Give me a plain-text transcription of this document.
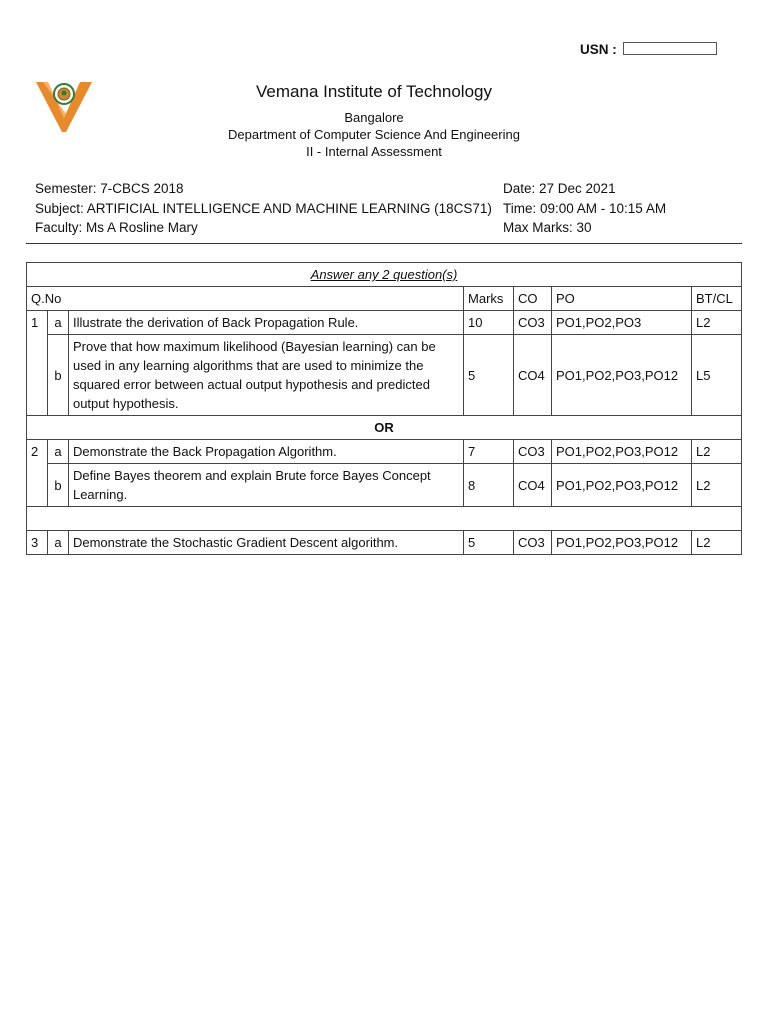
USN :
Vemana Institute of Technology
Bangalore
Department of Computer Science And Engineering
II - Internal Assessment
Semester: 7-CBCS 2018	Date: 27 Dec 2021
Subject: ARTIFICIAL INTELLIGENCE AND MACHINE LEARNING (18CS71) Time: 09:00 AM - 10:15 AM
Faculty: Ms A Rosline Mary	Max Marks: 30
Answer any 2 question(s)						
Q.No			Marks	CO	PO	BT/CL
1	a	Illustrate the derivation of Back Propagation Rule.	10	CO3	PO1,PO2,PO3	L2
	b	Prove that how maximum likelihood (Bayesian learning) can be used in any learning algorithms that are used to minimize the squared error between actual output hypothesis and predicted output hypothesis.	5	CO4	PO1,PO2,PO3,PO12	L5
OR						
2	a	Demonstrate the Back Propagation Algorithm.	7	CO3	PO1,PO2,PO3,PO12	L2
	b	Define Bayes theorem and explain Brute force Bayes Concept Learning.	8	CO4	PO1,PO2,PO3,PO12	L2

3	a	Demonstrate the Stochastic Gradient Descent algorithm.	5	CO3	PO1,PO2,PO3,PO12	L2
